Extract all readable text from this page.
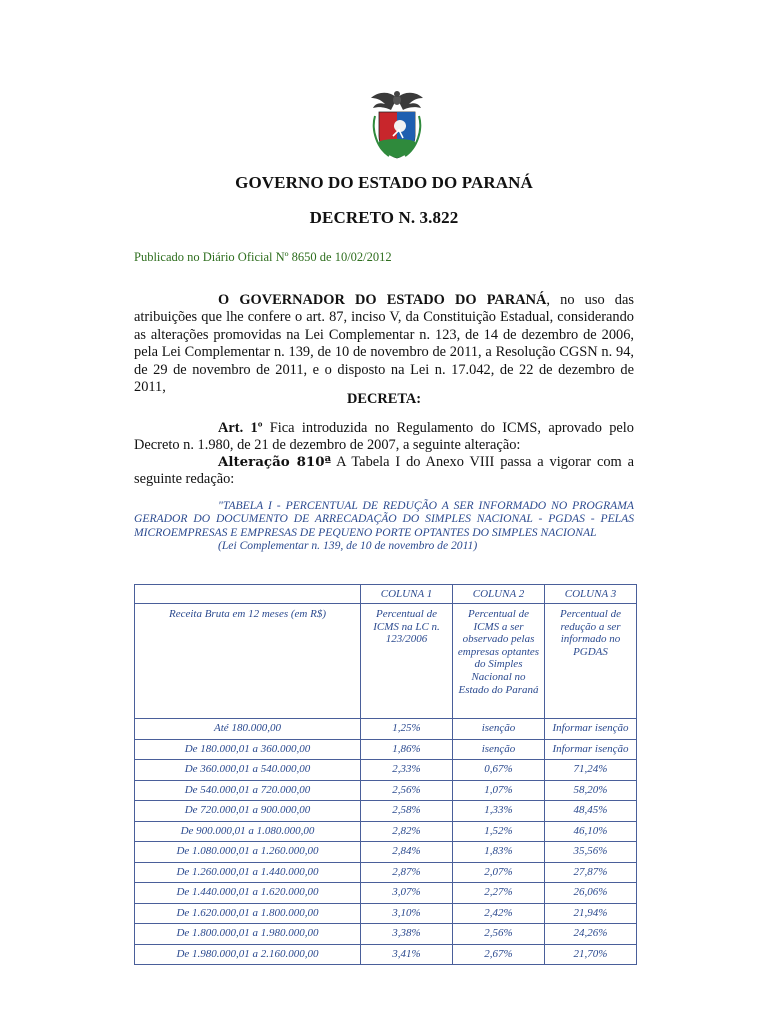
GOVERNO DO ESTADO DO PARANÁ
DECRETO N. 3.822
Publicado no Diário Oficial Nº 8650 de 10/02/2012
O GOVERNADOR DO ESTADO DO PARANÁ, no uso das atribuições que lhe confere o art. 87, inciso V, da Constituição Estadual, considerando as alterações promovidas na Lei Complementar n. 123, de 14 de dezembro de 2006, pela Lei Complementar n. 139, de 10 de novembro de 2011, a Resolução CGSN n. 94, de 29 de novembro de 2011, e o disposto na Lei n. 17.042, de 22 de dezembro de 2011,
DECRETA:
Art. 1º Fica introduzida no Regulamento do ICMS, aprovado pelo Decreto n. 1.980, de 21 de dezembro de 2007, a seguinte alteração:
Alteração 810ª A Tabela I do Anexo VIII passa a vigorar com a seguinte redação:
"TABELA I - PERCENTUAL DE REDUÇÃO A SER INFORMADO NO PROGRAMA GERADOR DO DOCUMENTO DE ARRECADAÇÃO DO SIMPLES NACIONAL - PGDAS - PELAS MICROEMPRESAS E EMPRESAS DE PEQUENO PORTE OPTANTES DO SIMPLES NACIONAL
(Lei Complementar n. 139, de 10 de novembro de 2011)
	COLUNA 1	COLUNA 2	COLUNA 3
Receita Bruta em 12 meses (em R$)	Percentual de ICMS na LC n. 123/2006	Percentual de ICMS a ser observado pelas empresas optantes do Simples Nacional no Estado do Paraná	Percentual de redução a ser informado no PGDAS
Até 180.000,00	1,25%	isenção	Informar isenção
De 180.000,01 a 360.000,00	1,86%	isenção	Informar isenção
De 360.000,01 a 540.000,00	2,33%	0,67%	71,24%
De 540.000,01 a 720.000,00	2,56%	1,07%	58,20%
De 720.000,01 a 900.000,00	2,58%	1,33%	48,45%
De 900.000,01 a 1.080.000,00	2,82%	1,52%	46,10%
De 1.080.000,01 a 1.260.000,00	2,84%	1,83%	35,56%
De 1.260.000,01 a 1.440.000,00	2,87%	2,07%	27,87%
De 1.440.000,01 a 1.620.000,00	3,07%	2,27%	26,06%
De 1.620.000,01 a 1.800.000,00	3,10%	2,42%	21,94%
De 1.800.000,01 a 1.980.000,00	3,38%	2,56%	24,26%
De 1.980.000,01 a 2.160.000,00	3,41%	2,67%	21,70%
